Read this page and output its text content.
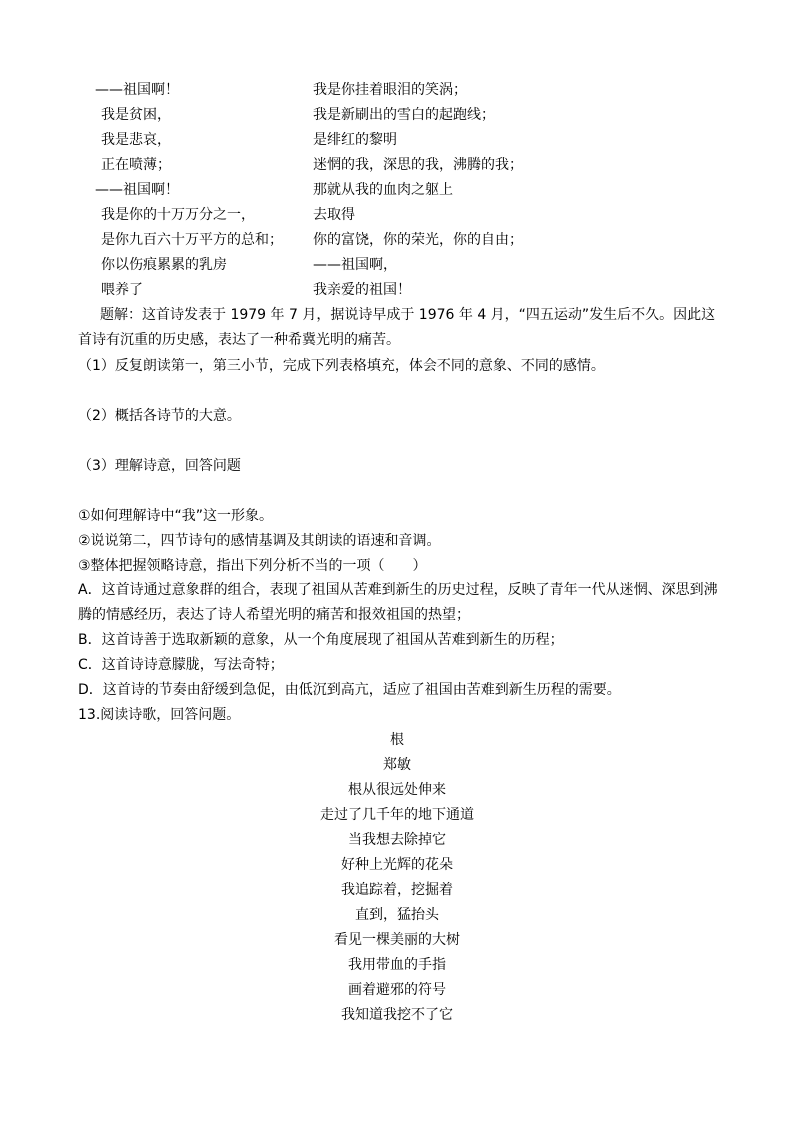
——祖国啊！
我是贫困，
我是悲哀，
正在喷薄；
——祖国啊！
我是你的十万万分之一，
是你九百六十万平方的总和；
你以伤痕累累的乳房
喂养了
我是你挂着眼泪的笑涡；
我是新刷出的雪白的起跑线；
是绯红的黎明
迷惘的我，深思的我，沸腾的我；
那就从我的血肉之躯上
去取得
你的富饶，你的荣光，你的自由；
——祖国啊，
我亲爱的祖国！
题解：这首诗发表于 1979 年 7 月，据说诗早成于 1976 年 4 月，“四五运动”发生后不久。因此这首诗有沉重的历史感，表达了一种希冀光明的痛苦。
（1）反复朗读第一，第三小节，完成下列表格填充，体会不同的意象、不同的感情。
（2）概括各诗节的大意。
（3）理解诗意，回答问题
①如何理解诗中“我”这一形象。
②说说第二，四节诗句的感情基调及其朗读的语速和音调。
③整体把握领略诗意，指出下列分析不当的一项（　　）
A．这首诗通过意象群的组合，表现了祖国从苦难到新生的历史过程，反映了青年一代从迷惘、深思到沸腾的情感经历，表达了诗人希望光明的痛苦和报效祖国的热望；
B．这首诗善于选取新颖的意象，从一个角度展现了祖国从苦难到新生的历程；
C．这首诗诗意朦胧，写法奇特；
D．这首诗的节奏由舒缓到急促，由低沉到高亢，适应了祖国由苦难到新生历程的需要。
13.阅读诗歌，回答问题。
根
郑敏
根从很远处伸来
走过了几千年的地下通道
当我想去除掉它
好种上光辉的花朵
我追踪着，挖掘着
直到，猛抬头
看见一棵美丽的大树
我用带血的手指
画着避邪的符号
我知道我挖不了它
